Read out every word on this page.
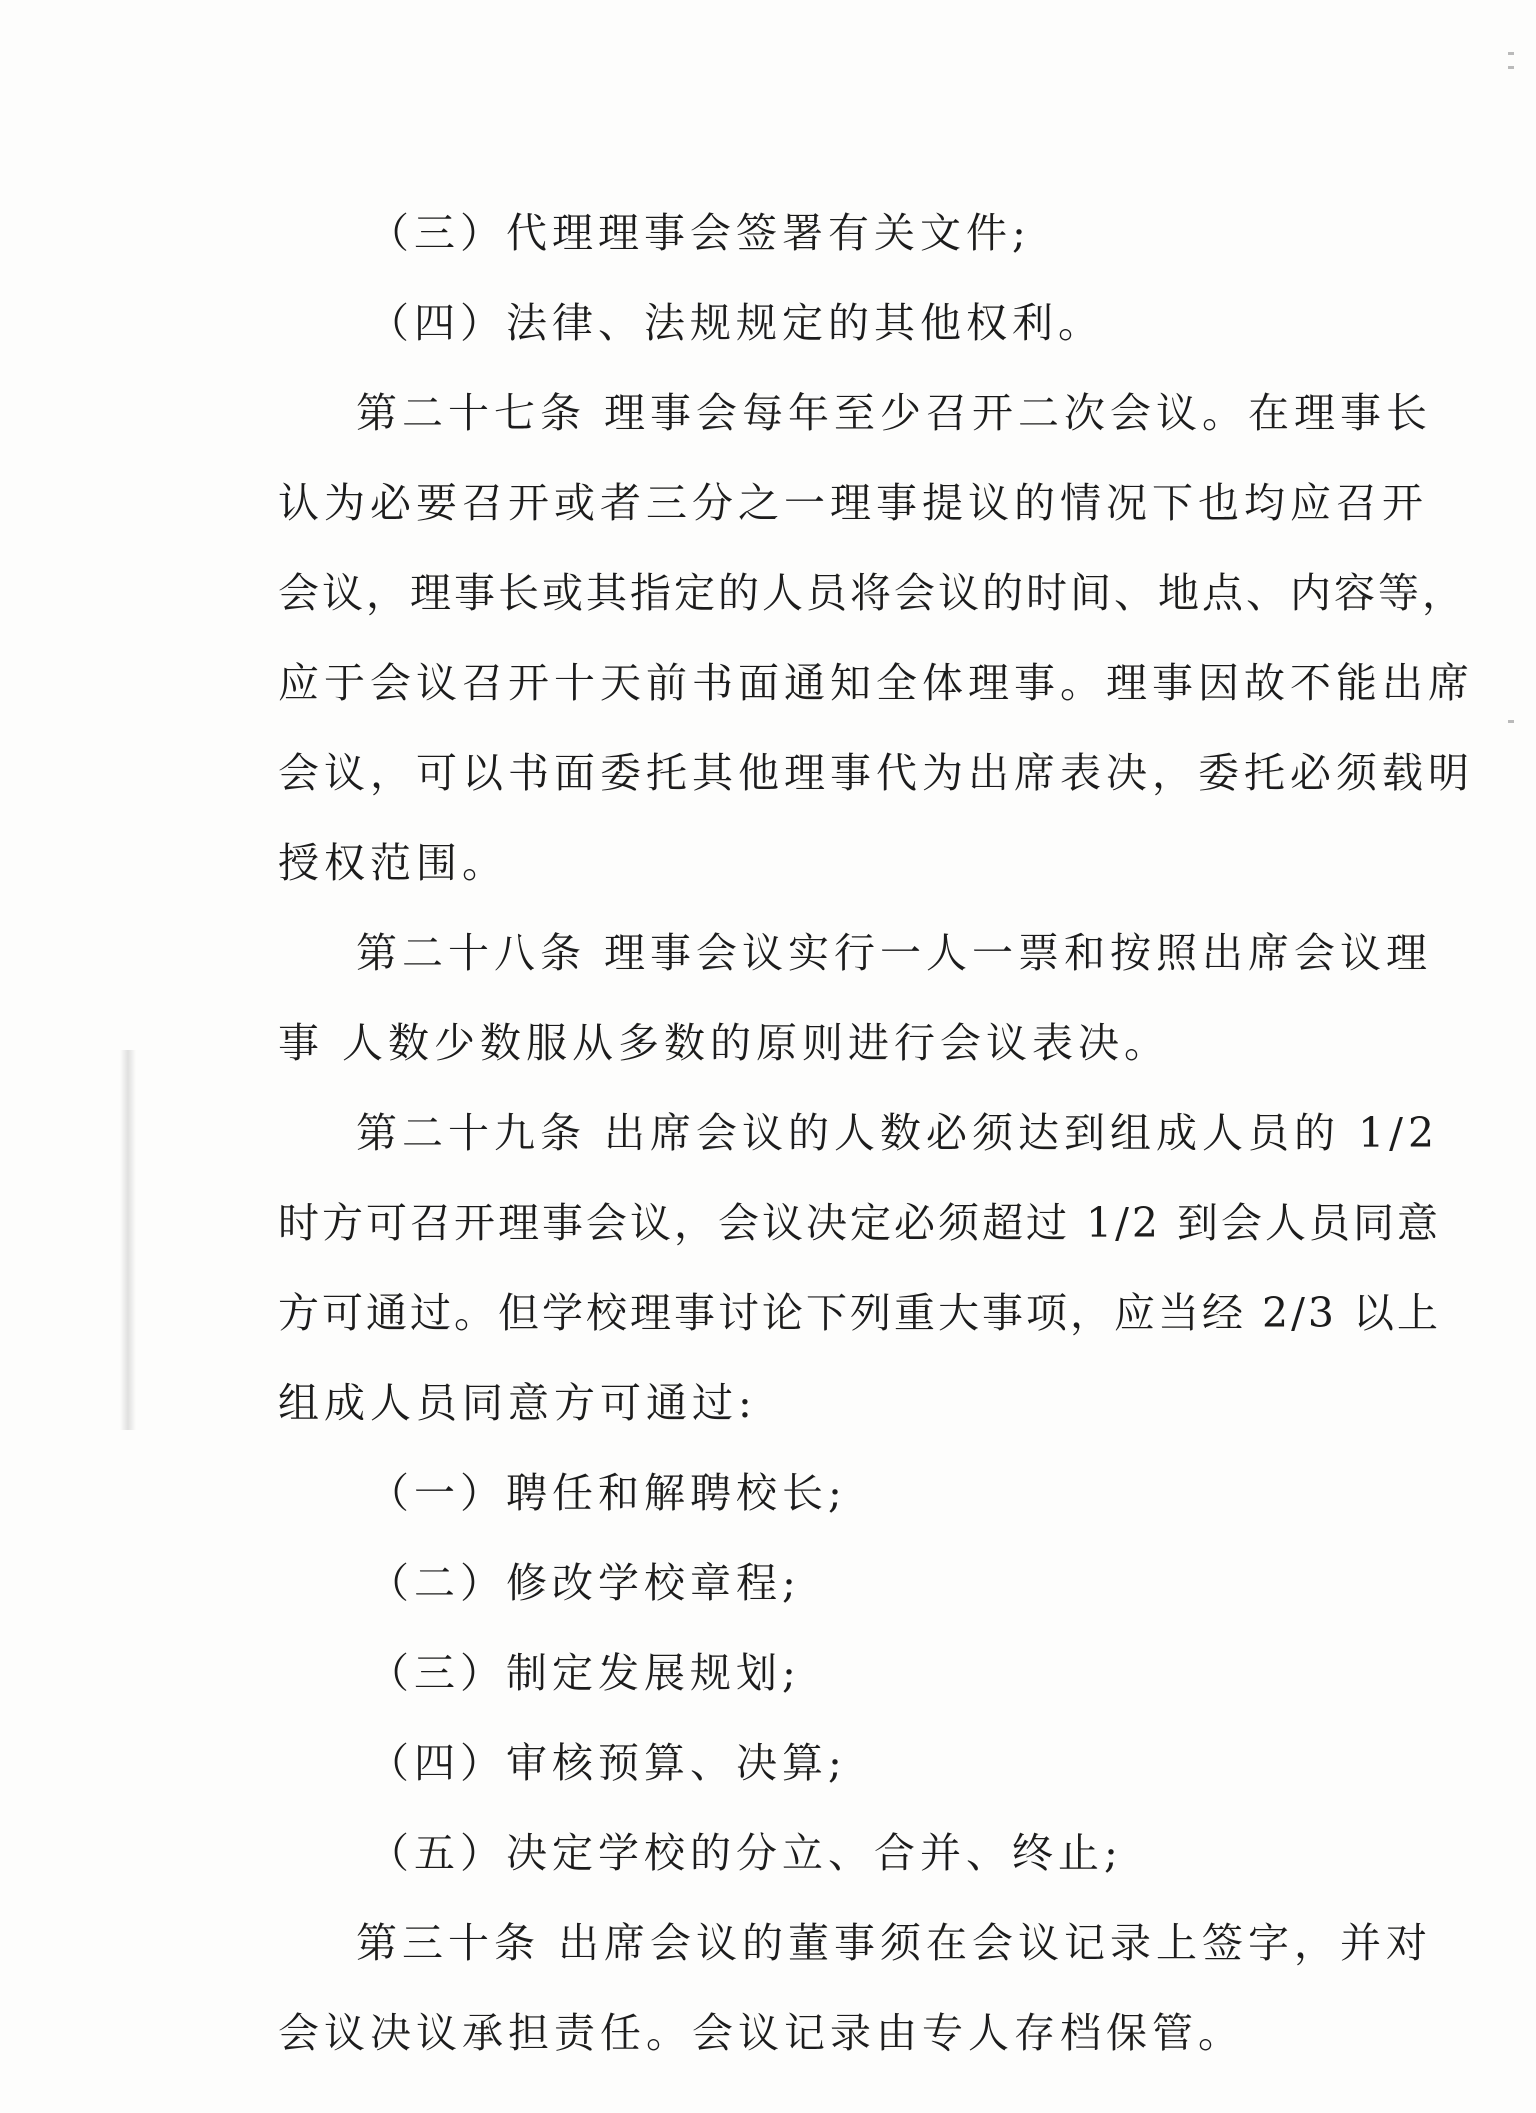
（三）代理理事会签署有关文件;
（四）法律、法规规定的其他权利。
第二十七条 理事会每年至少召开二次会议。在理事长
认为必要召开或者三分之一理事提议的情况下也均应召开
会议，理事长或其指定的人员将会议的时间、地点、内容等，
应于会议召开十天前书面通知全体理事。理事因故不能出席
会议，可以书面委托其他理事代为出席表决，委托必须载明
授权范围。
第二十八条 理事会议实行一人一票和按照出席会议理
事 人数少数服从多数的原则进行会议表决。
第二十九条 出席会议的人数必须达到组成人员的 1/2
时方可召开理事会议，会议决定必须超过 1/2 到会人员同意
方可通过。但学校理事讨论下列重大事项，应当经 2/3 以上
组成人员同意方可通过:
（一）聘任和解聘校长;
（二）修改学校章程;
（三）制定发展规划;
（四）审核预算、决算;
（五）决定学校的分立、合并、终止;
第三十条 出席会议的董事须在会议记录上签字，并对
会议决议承担责任。会议记录由专人存档保管。
